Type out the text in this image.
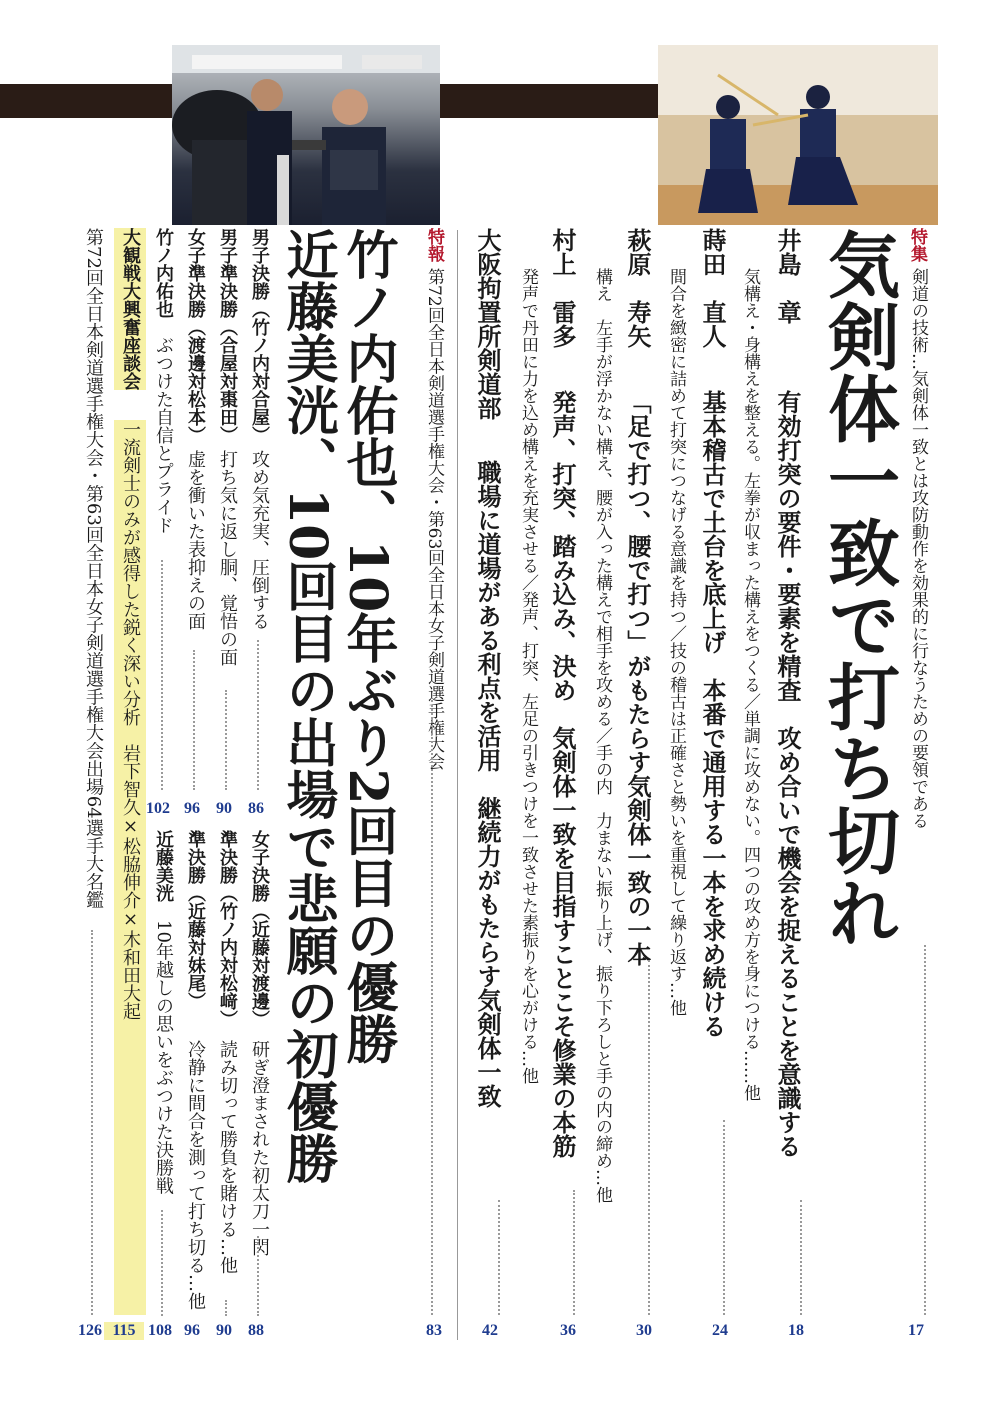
特集
剣道の技術…気剣体一致とは攻防動作を効果的に行なうための要領である
気剣体一致で打ち切れ
17
井島　章
有効打突の要件・要素を精査　攻め合いで機会を捉えることを意識する
気構え・身構えを整える。左拳が収まった構えをつくる／単調に攻めない。四つの攻め方を身につける……他
18
蒔田　直人
基本稽古で土台を底上げ　本番で通用する一本を求め続ける
間合を緻密に詰めて打突につなげる意識を持つ／技の稽古は正確さと勢いを重視して繰り返す…他
24
萩原　寿矢
「足で打つ、腰で打つ」がもたらす気剣体一致の一本
構え　左手が浮かない構え、腰が入った構えで相手を攻める／手の内　力まない振り上げ、振り下ろしと手の内の締め…他
30
村上　雷多
発声、打突、踏み込み、決め　気剣体一致を目指すことこそ修業の本筋
発声で丹田に力を込め構えを充実させる／発声、打突、左足の引きつけを一致させた素振りを心がける…他
36
大阪拘置所剣道部
職場に道場がある利点を活用　継続力がもたらす気剣体一致
42
特報
第72回全日本剣道選手権大会・第63回全日本女子剣道選手権大会
竹ノ内佑也、10年ぶり2回目の優勝
近藤美洸、10回目の出場で悲願の初優勝
83
女子決勝（近藤対渡邊）
研ぎ澄まされた初太刀一閃
88
準決勝（竹ノ内対松﨑）
読み切って勝負を賭ける…他
90
準決勝（近藤対妹尾）
冷静に間合を測って打ち切る…他
96
近藤美洸
10年越しの思いをぶつけた決勝戦
108
男子決勝（竹ノ内対合屋）
攻め気充実、圧倒する
86
男子準決勝（合屋対棗田）
打ち気に返し胴、覚悟の面
90
女子準決勝（渡邊対松本）
虚を衝いた表抑えの面
96
竹ノ内佑也
ぶつけた自信とプライド
102
大観戦大興奮座談会
一流剣士のみが感得した鋭く深い分析　岩下智久×松脇伸介×木和田大起
115
第72回全日本剣道選手権大会・第63回全日本女子剣道選手権大会出場64選手大名鑑
126
